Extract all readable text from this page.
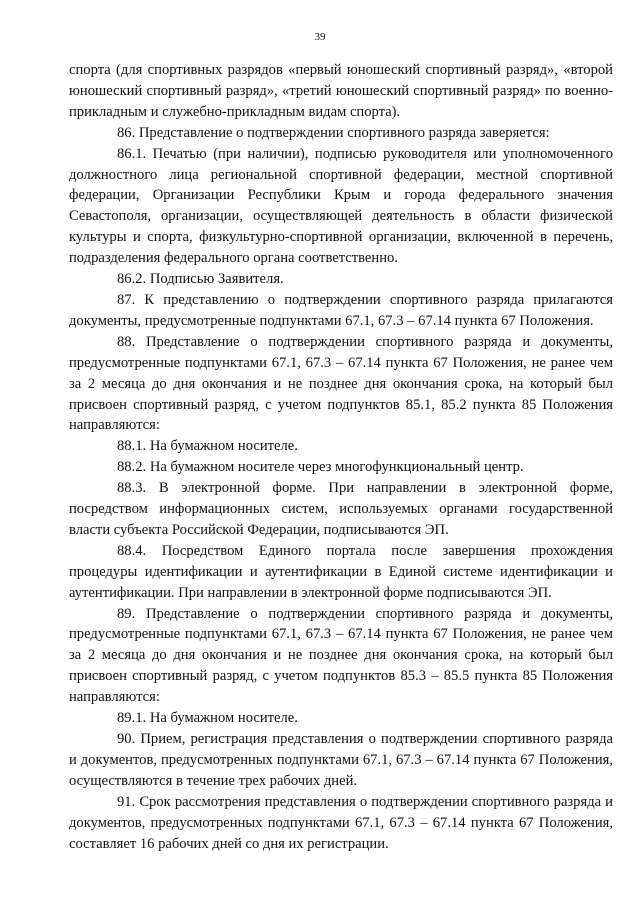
39

спорта (для спортивных разрядов «первый юношеский спортивный разряд», «второй юношеский спортивный разряд», «третий юношеский спортивный разряд» по военно-прикладным и служебно-прикладным видам спорта).

86. Представление о подтверждении спортивного разряда заверяется:

86.1. Печатью (при наличии), подписью руководителя или уполномоченного должностного лица региональной спортивной федерации, местной спортивной федерации, Организации Республики Крым и города федерального значения Севастополя, организации, осуществляющей деятельность в области физической культуры и спорта, физкультурно-спортивной организации, включенной в перечень, подразделения федерального органа соответственно.

86.2. Подписью Заявителя.

87. К представлению о подтверждении спортивного разряда прилагаются документы, предусмотренные подпунктами 67.1, 67.3 – 67.14 пункта 67 Положения.

88. Представление о подтверждении спортивного разряда и документы, предусмотренные подпунктами 67.1, 67.3 – 67.14 пункта 67 Положения, не ранее чем за 2 месяца до дня окончания и не позднее дня окончания срока, на который был присвоен спортивный разряд, с учетом подпунктов 85.1, 85.2 пункта 85 Положения направляются:

88.1. На бумажном носителе.

88.2. На бумажном носителе через многофункциональный центр.

88.3. В электронной форме. При направлении в электронной форме, посредством информационных систем, используемых органами государственной власти субъекта Российской Федерации, подписываются ЭП.

88.4. Посредством Единого портала после завершения прохождения процедуры идентификации и аутентификации в Единой системе идентификации и аутентификации. При направлении в электронной форме подписываются ЭП.

89. Представление о подтверждении спортивного разряда и документы, предусмотренные подпунктами 67.1, 67.3 – 67.14 пункта 67 Положения, не ранее чем за 2 месяца до дня окончания и не позднее дня окончания срока, на который был присвоен спортивный разряд, с учетом подпунктов 85.3 – 85.5 пункта 85 Положения направляются:

89.1. На бумажном носителе.

90. Прием, регистрация представления о подтверждении спортивного разряда и документов, предусмотренных подпунктами 67.1, 67.3 – 67.14 пункта 67 Положения, осуществляются в течение трех рабочих дней.

91. Срок рассмотрения представления о подтверждении спортивного разряда и документов, предусмотренных подпунктами 67.1, 67.3 – 67.14 пункта 67 Положения, составляет 16 рабочих дней со дня их регистрации.
